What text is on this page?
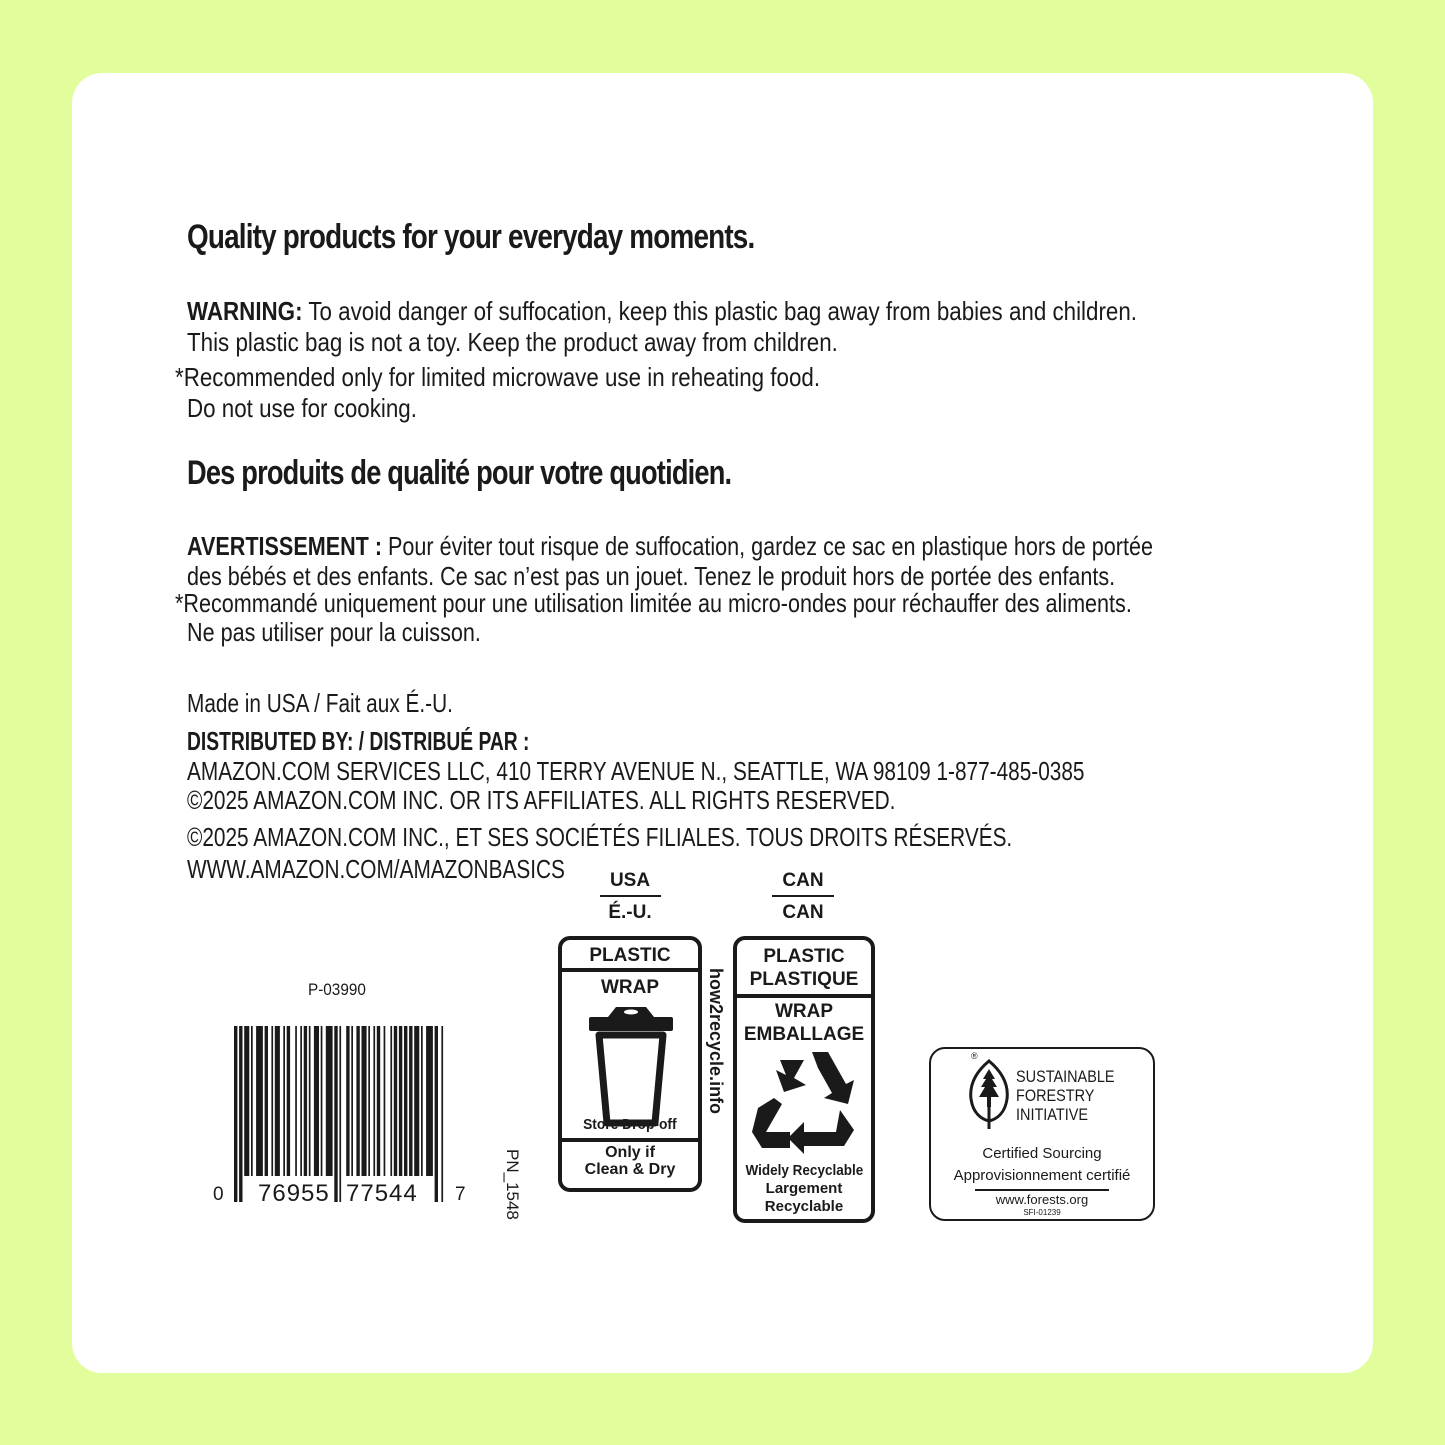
Quality products for your everyday moments.
WARNING: To avoid danger of suffocation, keep this plastic bag away from babies and children.
This plastic bag is not a toy. Keep the product away from children.
*Recommended only for limited microwave use in reheating food.
Do not use for cooking.
Des produits de qualité pour votre quotidien.
AVERTISSEMENT : Pour éviter tout risque de suffocation, gardez ce sac en plastique hors de portée
des bébés et des enfants. Ce sac n’est pas un jouet. Tenez le produit hors de portée des enfants.
*Recommandé uniquement pour une utilisation limitée au micro-ondes pour réchauffer des aliments.
Ne pas utiliser pour la cuisson.
Made in USA / Fait aux É.-U.
DISTRIBUTED BY: / DISTRIBUÉ PAR :
AMAZON.COM SERVICES LLC, 410 TERRY AVENUE N., SEATTLE, WA 98109 1-877-485-0385
©2025 AMAZON.COM INC. OR ITS AFFILIATES. ALL RIGHTS RESERVED.
©2025 AMAZON.COM INC., ET SES SOCIÉTÉS FILIALES. TOUS DROITS RÉSERVÉS.
WWW.AMAZON.COM/AMAZONBASICS
P-03990
0 76955 77544 7 PN_1548
USA
É.-U.
PLASTIC
WRAP
Store Drop-off
Only if
Clean & Dry
how2recycle.info
CAN
CAN
PLASTIC
PLASTIQUE
WRAP
EMBALLAGE
Widely Recyclable
Largement
Recyclable
®
SUSTAINABLE
FORESTRY
INITIATIVE
Certified Sourcing
Approvisionnement certifié
www.forests.org
SFI-01239
